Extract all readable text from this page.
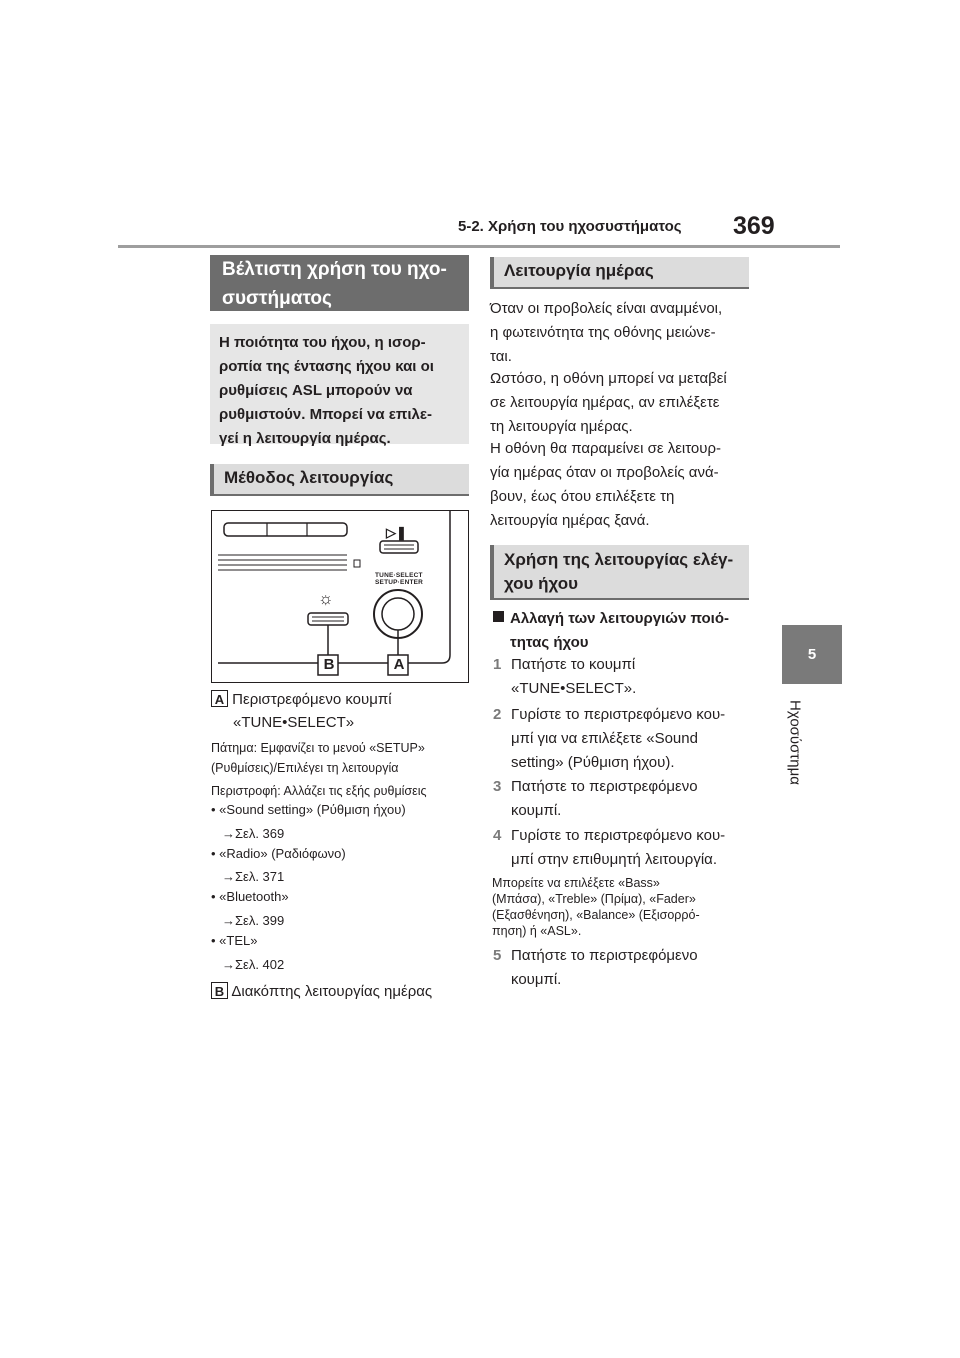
5-2. Χρήση του ηχοσυστήματος 369
5
Ηχοσύστημα
Βέλτιστη χρήση του ηχο-
συστήματος
Η ποιότητα του ήχου, η ισορ-
ροπία της έντασης ήχου και οι
ρυθμίσεις ASL μπορούν να
ρυθμιστούν. Μπορεί να επιλε-
γεί η λειτουργία ημέρας.
Μέθοδος λειτουργίας
▷❚
☼
TUNE·SELECT
SETUP·ENTER
B	A
A Περιστρεφόμενο κουμπί
«TUNE•SELECT»
Πάτημα: Εμφανίζει το μενού «SETUP»
(Ρυθμίσεις)/Επιλέγει τη λειτουργία
Περιστροφή: Αλλάζει τις εξής ρυθμίσεις
• «Sound setting» (Ρύθμιση ήχου)
→Σελ. 369
• «Radio» (Ραδιόφωνο)
→Σελ. 371
• «Bluetooth»
→Σελ. 399
• «TEL»
→Σελ. 402
B Διακόπτης λειτουργίας ημέρας
Λειτουργία ημέρας
Όταν οι προβολείς είναι αναμμένοι,
η φωτεινότητα της οθόνης μειώνε-
ται.
Ωστόσο, η οθόνη μπορεί να μεταβεί
σε λειτουργία ημέρας, αν επιλέξετε
τη λειτουργία ημέρας.
Η οθόνη θα παραμείνει σε λειτουρ-
γία ημέρας όταν οι προβολείς ανά-
βουν, έως ότου επιλέξετε τη
λειτουργία ημέρας ξανά.
Χρήση της λειτουργίας ελέγ-
χου ήχου
Αλλαγή των λειτουργιών ποιό-
τητας ήχου
1 Πατήστε το κουμπί
«TUNE•SELECT».
2 Γυρίστε το περιστρεφόμενο κου-
μπί για να επιλέξετε «Sound
setting» (Ρύθμιση ήχου).
3 Πατήστε το περιστρεφόμενο
κουμπί.
4 Γυρίστε το περιστρεφόμενο κου-
μπί στην επιθυμητή λειτουργία.
Μπορείτε να επιλέξετε «Bass»
(Μπάσα), «Treble» (Πρίμα), «Fader»
(Εξασθένηση), «Balance» (Εξισορρό-
πηση) ή «ASL».
5 Πατήστε το περιστρεφόμενο
κουμπί.
